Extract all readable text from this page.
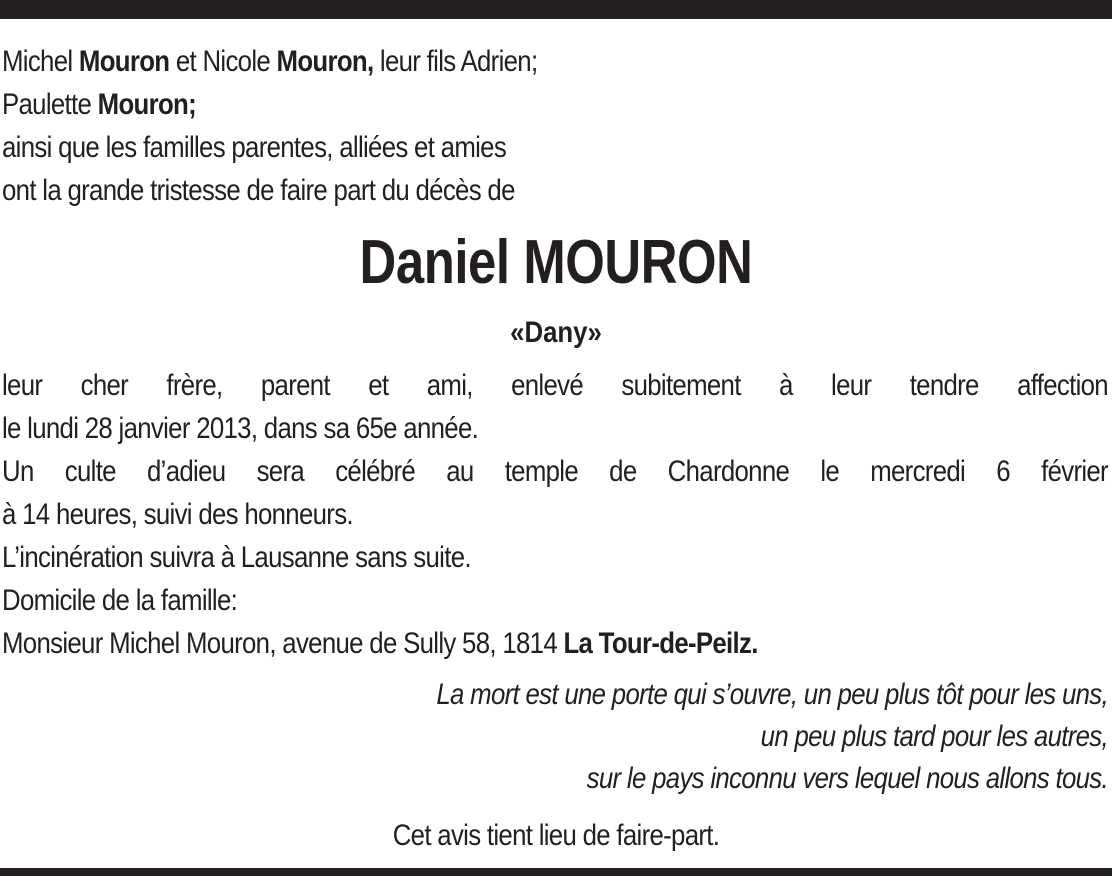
Michel Mouron et Nicole Mouron, leur fils Adrien;
Paulette Mouron;
ainsi que les familles parentes, alliées et amies
ont la grande tristesse de faire part du décès de
Daniel MOURON
«Dany»
leur cher frère, parent et ami, enlevé subitement à leur tendre affection
le lundi 28 janvier 2013, dans sa 65e année.
Un culte d’adieu sera célébré au temple de Chardonne le mercredi 6 février
à 14 heures, suivi des honneurs.
L’incinération suivra à Lausanne sans suite.
Domicile de la famille:
Monsieur Michel Mouron, avenue de Sully 58, 1814 La Tour-de-Peilz.
La mort est une porte qui s’ouvre, un peu plus tôt pour les uns,
un peu plus tard pour les autres,
sur le pays inconnu vers lequel nous allons tous.
Cet avis tient lieu de faire-part.
